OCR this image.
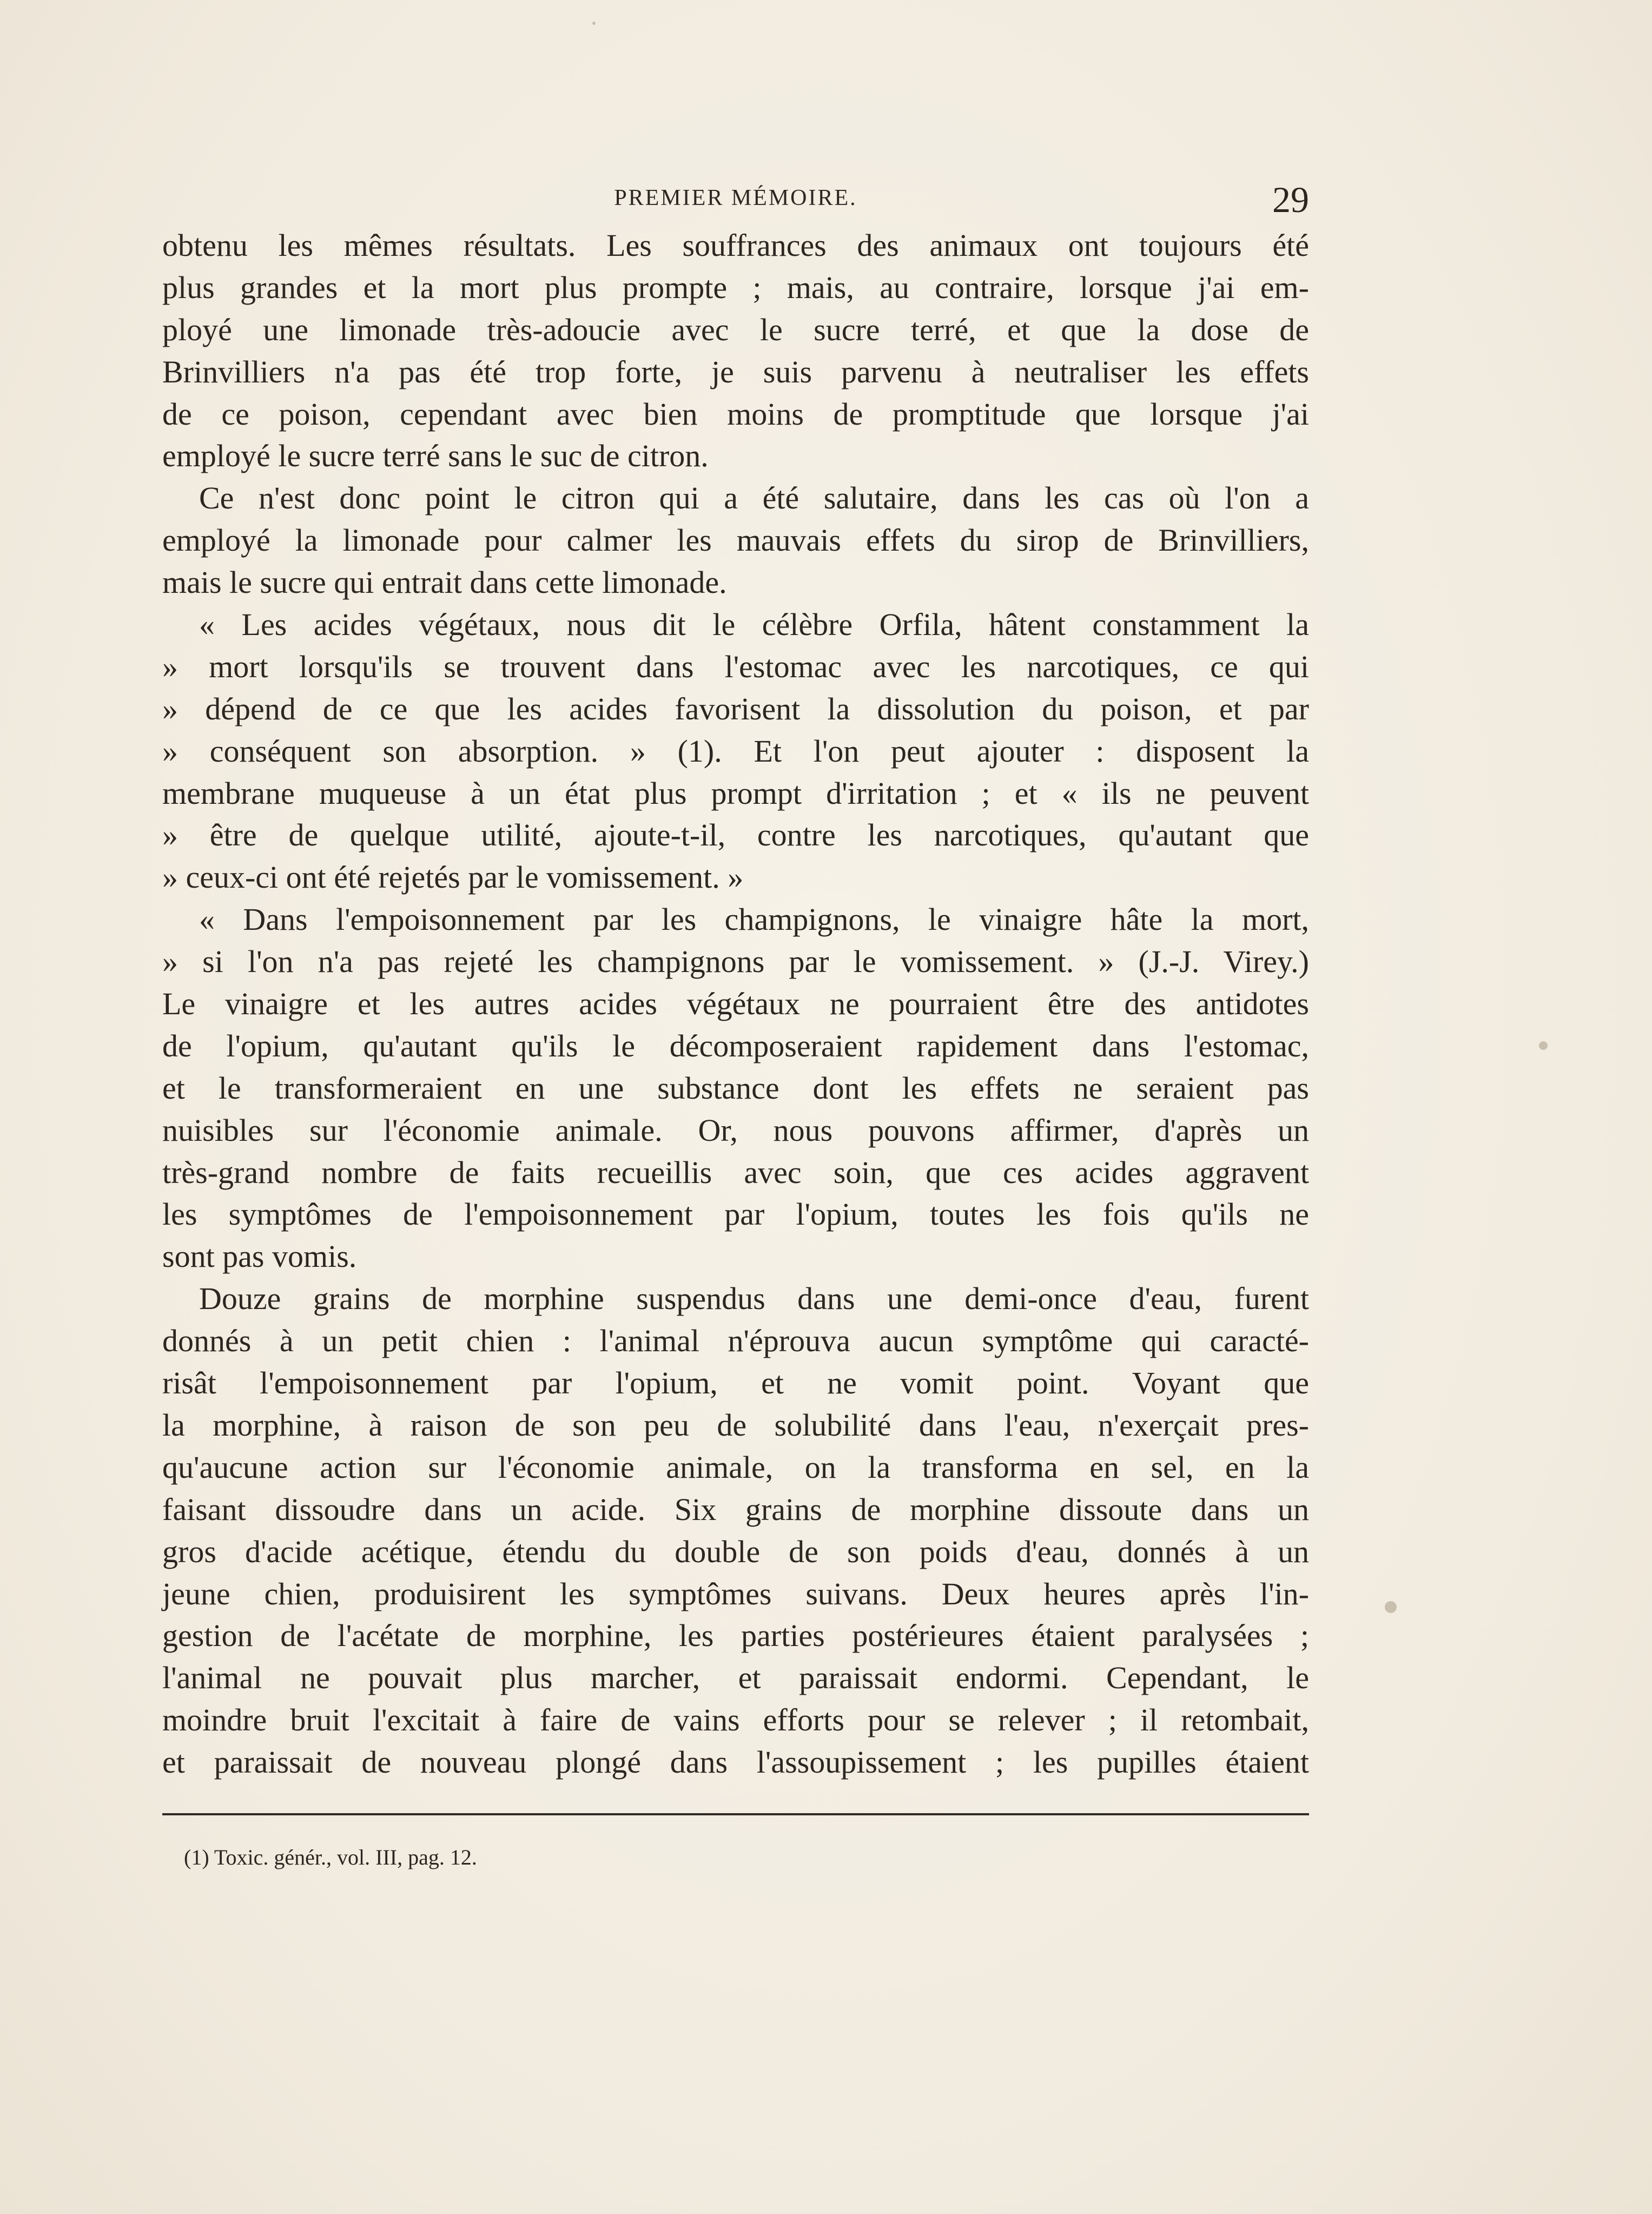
PREMIER MÉMOIRE.	29
obtenu les mêmes résultats. Les souffrances des animaux ont toujours été
plus grandes et la mort plus prompte ; mais, au contraire, lorsque j'ai em-
ployé une limonade très-adoucie avec le sucre terré, et que la dose de
Brinvilliers n'a pas été trop forte, je suis parvenu à neutraliser les effets
de ce poison, cependant avec bien moins de promptitude que lorsque j'ai
employé le sucre terré sans le suc de citron.
Ce n'est donc point le citron qui a été salutaire, dans les cas où l'on a
employé la limonade pour calmer les mauvais effets du sirop de Brinvilliers,
mais le sucre qui entrait dans cette limonade.
« Les acides végétaux, nous dit le célèbre Orfila, hâtent constamment la
» mort lorsqu'ils se trouvent dans l'estomac avec les narcotiques, ce qui
» dépend de ce que les acides favorisent la dissolution du poison, et par
» conséquent son absorption. » (1). Et l'on peut ajouter : disposent la
membrane muqueuse à un état plus prompt d'irritation ; et « ils ne peuvent
» être de quelque utilité, ajoute-t-il, contre les narcotiques, qu'autant que
» ceux-ci ont été rejetés par le vomissement. »
« Dans l'empoisonnement par les champignons, le vinaigre hâte la mort,
» si l'on n'a pas rejeté les champignons par le vomissement. » (J.-J. Virey.)
Le vinaigre et les autres acides végétaux ne pourraient être des antidotes
de l'opium, qu'autant qu'ils le décomposeraient rapidement dans l'estomac,
et le transformeraient en une substance dont les effets ne seraient pas
nuisibles sur l'économie animale. Or, nous pouvons affirmer, d'après un
très-grand nombre de faits recueillis avec soin, que ces acides aggravent
les symptômes de l'empoisonnement par l'opium, toutes les fois qu'ils ne
sont pas vomis.
Douze grains de morphine suspendus dans une demi-once d'eau, furent
donnés à un petit chien : l'animal n'éprouva aucun symptôme qui caracté-
risât l'empoisonnement par l'opium, et ne vomit point. Voyant que
la morphine, à raison de son peu de solubilité dans l'eau, n'exerçait pres-
qu'aucune action sur l'économie animale, on la transforma en sel, en la
faisant dissoudre dans un acide. Six grains de morphine dissoute dans un
gros d'acide acétique, étendu du double de son poids d'eau, donnés à un
jeune chien, produisirent les symptômes suivans. Deux heures après l'in-
gestion de l'acétate de morphine, les parties postérieures étaient paralysées ;
l'animal ne pouvait plus marcher, et paraissait endormi. Cependant, le
moindre bruit l'excitait à faire de vains efforts pour se relever ; il retombait,
et paraissait de nouveau plongé dans l'assoupissement ; les pupilles étaient
(1) Toxic. génér., vol. III, pag. 12.
